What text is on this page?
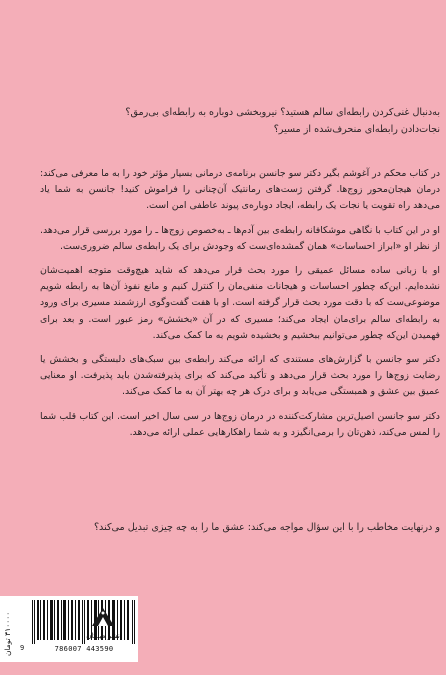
به‌دنبال غنی‌کردن رابطه‌ای سالم هستید؟ نیروبخشی دوباره به رابطه‌ای بی‌رمق؟

نجات‌دادن رابطه‌ای منحرف‌شده از مسیر؟

در کتاب محکم در آغوشم بگیر دکتر سو جانسن برنامه‌ی درمانی بسیار مؤثر خود را به ما معرفی می‌کند: درمان هیجان‌محور زوج‌ها. گرفتن ژست‌های رمانتیک آن‌چنانی را فراموش کنید! جانسن به شما یاد می‌دهد راه تقویت یا نجات یک رابطه، ایجاد دوباره‌ی پیوند عاطفی امن است.

او در این کتاب با نگاهی موشکافانه رابطه‌ی بین آدم‌ها ـ به‌خصوص زوج‌ها ـ را مورد بررسی قرار می‌دهد. از نظر او «ابراز احساسات» همان گمشده‌ای‌ست که وجودش برای یک رابطه‌ی سالم ضروری‌ست.

او با زبانی ساده مسائل عمیقی را مورد بحث قرار می‌دهد که شاید هیچ‌وقت متوجه اهمیت‌شان نشده‌ایم. این‌که چطور احساسات و هیجانات منفی‌مان را کنترل کنیم و مانع نفوذ آن‌ها به رابطه شویم موضوعی‌ست که با دقت مورد بحث قرار گرفته است. او با هفت گفت‌وگوی ارزشمند مسیری برای ورود به رابطه‌ای سالم برای‌مان ایجاد می‌کند؛ مسیری که در آن «بخشش» رمز عبور است. و بعد برای فهمیدن این‌که چطور می‌توانیم ببخشیم و بخشیده شویم به ما کمک می‌کند.

دکتر سو جانسن با گزارش‌های مستندی که ارائه می‌کند رابطه‌ی بین سبک‌های دلبستگی و بخشش یا رضایت زوج‌ها را مورد بحث قرار می‌دهد و تأکید می‌کند که برای پذیرفته‌شدن باید پذیرفت. او معنایی عمیق بین عشق و همبستگی می‌یابد و برای درک هر چه بهتر آن به ما کمک می‌کند.

دکتر سو جانسن اصیل‌ترین مشارکت‌کننده در درمان زوج‌ها در سی سال اخیر است. این کتاب قلب شما را لمس می‌کند، ذهن‌تان را برمی‌انگیزد و به شما راهکارهایی عملی ارائه می‌دهد.

و درنهایت مخاطب را با این سؤال مواجه می‌کند: عشق ما را به چه چیزی تبدیل می‌کند؟
۳۱۰۰۰۰ تومان
9	786007 443590
نشر میلکان
